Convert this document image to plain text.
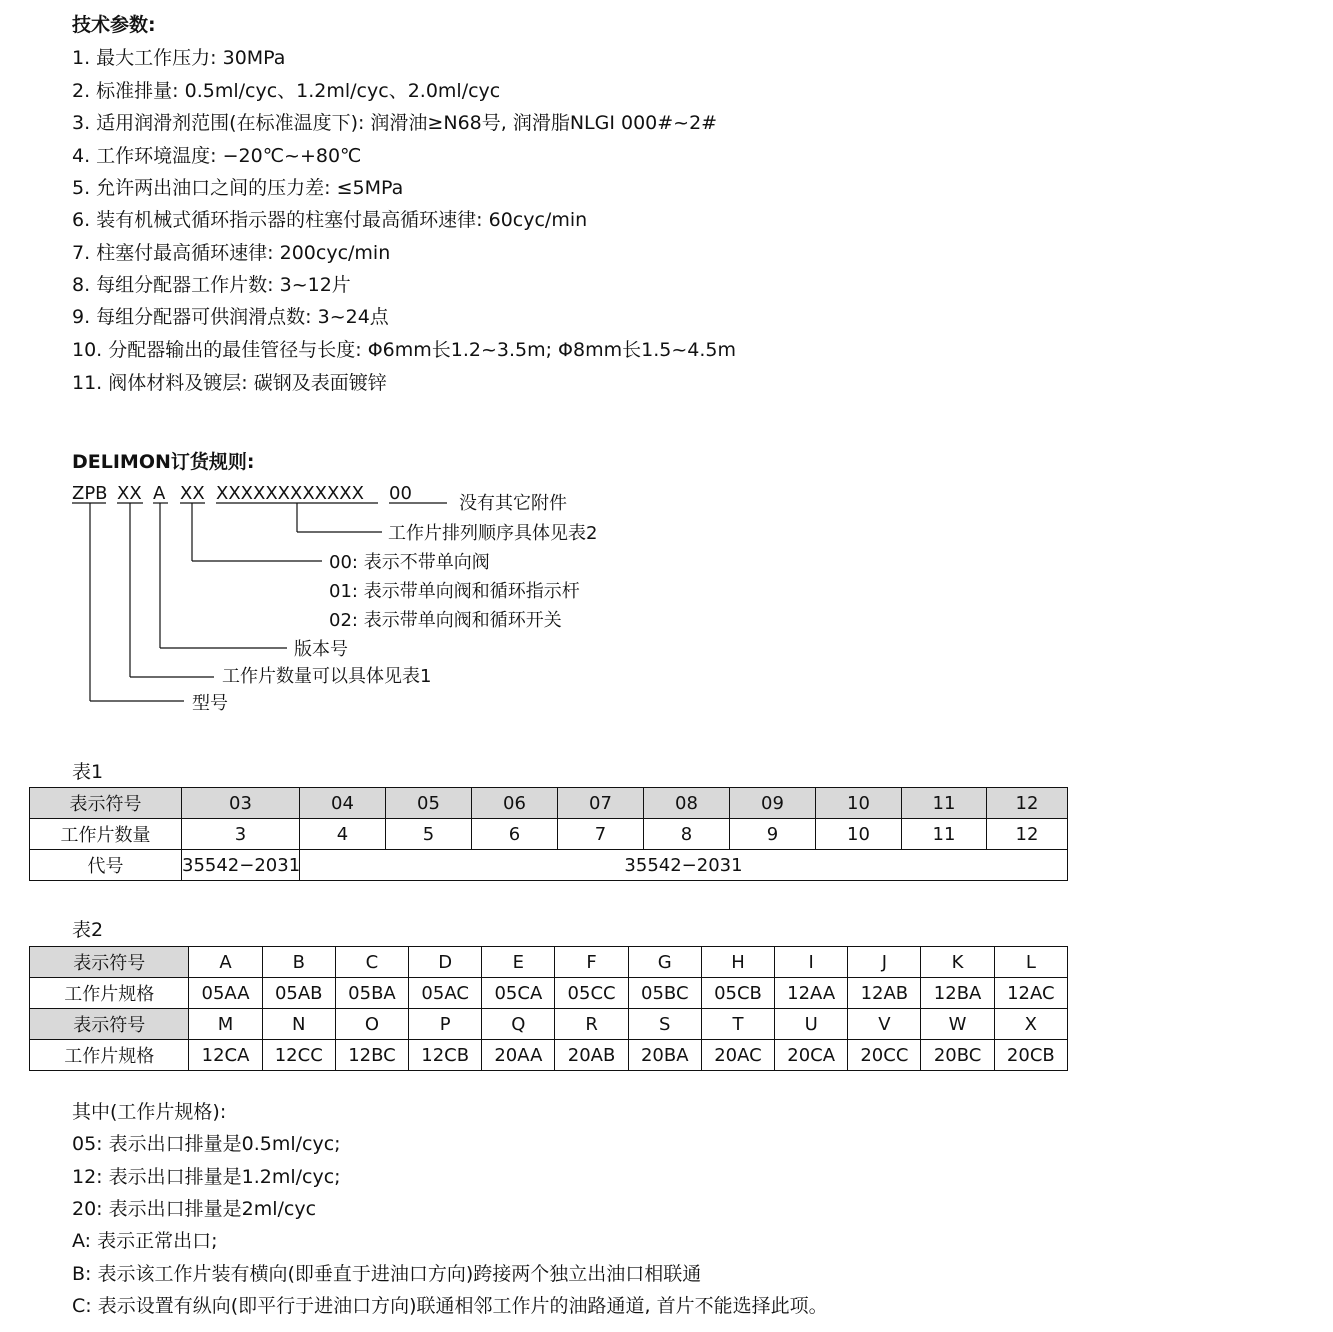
技术参数:
1. 最大工作压力: 30MPa
2. 标准排量: 0.5ml/cyc、1.2ml/cyc、2.0ml/cyc
3. 适用润滑剂范围(在标准温度下): 润滑油≥N68号, 润滑脂NLGI 000#~2#
4. 工作环境温度: −20℃~+80℃
5. 允许两出油口之间的压力差: ≤5MPa
6. 装有机械式循环指示器的柱塞付最高循环速律: 60cyc/min
7. 柱塞付最高循环速律: 200cyc/min
8. 每组分配器工作片数: 3~12片
9. 每组分配器可供润滑点数: 3~24点
10. 分配器输出的最佳管径与长度: Φ6mm长1.2~3.5m; Φ8mm长1.5~4.5m
11. 阀体材料及镀层: 碳钢及表面镀锌
DELIMON订货规则:
ZPB XX A XX XXXXXXXXXXXX 00	没有其它附件
工作片排列顺序具体见表2
00: 表示不带单向阀
01: 表示带单向阀和循环指示杆
02: 表示带单向阀和循环开关
版本号
工作片数量可以具体见表1
型号
表1
表示符号	03	04	05	06	07	08	09	10	11	12
工作片数量	3	4	5	6	7	8	9	10	11	12
代号	35542−2031	35542−2031								
表2
表示符号	A	B	C	D	E	F	G	H	I	J	K	L
工作片规格	05AA	05AB	05BA	05AC	05CA	05CC	05BC	05CB	12AA	12AB	12BA	12AC
表示符号	M	N	O	P	Q	R	S	T	U	V	W	X
工作片规格	12CA	12CC	12BC	12CB	20AA	20AB	20BA	20AC	20CA	20CC	20BC	20CB
其中(工作片规格):
05: 表示出口排量是0.5ml/cyc;
12: 表示出口排量是1.2ml/cyc;
20: 表示出口排量是2ml/cyc
A: 表示正常出口;
B: 表示该工作片装有横向(即垂直于进油口方向)跨接两个独立出油口相联通
C: 表示设置有纵向(即平行于进油口方向)联通相邻工作片的油路通道, 首片不能选择此项。
